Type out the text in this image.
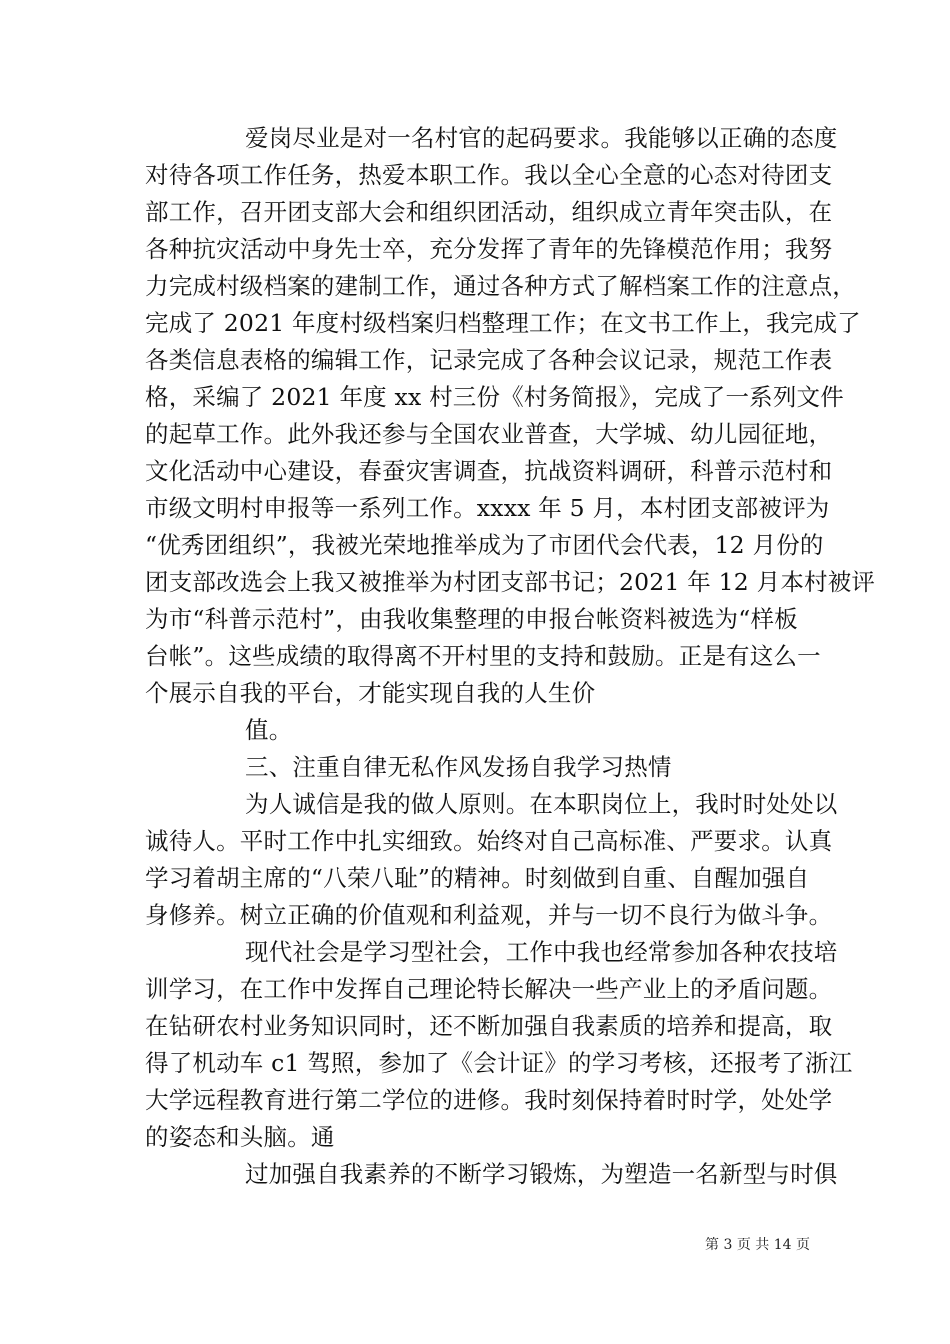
爱岗尽业是对一名村官的起码要求。我能够以正确的态度
对待各项工作任务，热爱本职工作。我以全心全意的心态对待团支
部工作，召开团支部大会和组织团活动，组织成立青年突击队，在
各种抗灾活动中身先士卒，充分发挥了青年的先锋模范作用；我努
力完成村级档案的建制工作，通过各种方式了解档案工作的注意点，
完成了 2021 年度村级档案归档整理工作；在文书工作上，我完成了
各类信息表格的编辑工作，记录完成了各种会议记录，规范工作表
格，采编了 2021 年度 xx 村三份《村务简报》，完成了一系列文件
的起草工作。此外我还参与全国农业普查，大学城、幼儿园征地，
文化活动中心建设，春蚕灾害调查，抗战资料调研，科普示范村和
市级文明村申报等一系列工作。xxxx 年 5 月，本村团支部被评为
“优秀团组织”，我被光荣地推举成为了市团代会代表，12 月份的
团支部改选会上我又被推举为村团支部书记；2021 年 12 月本村被评
为市“科普示范村”，由我收集整理的申报台帐资料被选为“样板
台帐”。这些成绩的取得离不开村里的支持和鼓励。正是有这么一
个展示自我的平台，才能实现自我的人生价
值。
三、注重自律无私作风发扬自我学习热情
为人诚信是我的做人原则。在本职岗位上，我时时处处以
诚待人。平时工作中扎实细致。始终对自己高标准、严要求。认真
学习着胡主席的“八荣八耻”的精神。时刻做到自重、自醒加强自
身修养。树立正确的价值观和利益观，并与一切不良行为做斗争。
现代社会是学习型社会，工作中我也经常参加各种农技培
训学习，在工作中发挥自己理论特长解决一些产业上的矛盾问题。
在钻研农村业务知识同时，还不断加强自我素质的培养和提高，取
得了机动车 c1 驾照，参加了《会计证》的学习考核，还报考了浙江
大学远程教育进行第二学位的进修。我时刻保持着时时学，处处学
的姿态和头脑。通
过加强自我素养的不断学习锻炼，为塑造一名新型与时俱
第 3 页 共 14 页
